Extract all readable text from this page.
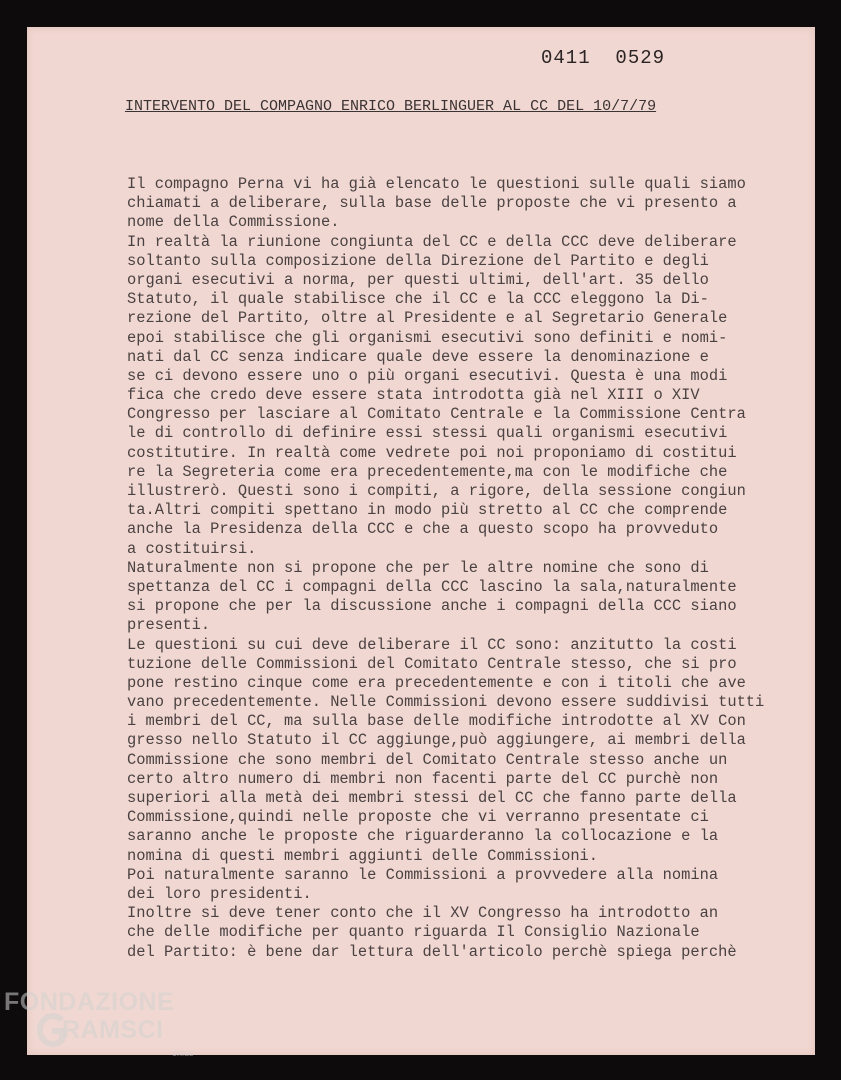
0411  0529
INTERVENTO DEL COMPAGNO ENRICO BERLINGUER AL CC DEL 10/7/79
Il compagno Perna vi ha già elencato le questioni sulle quali siamo
chiamati a deliberare, sulla base delle proposte che vi presento a
nome della Commissione.
In realtà la riunione congiunta del CC e della CCC deve deliberare
soltanto sulla composizione della Direzione del Partito e degli
organi esecutivi a norma, per questi ultimi, dell'art. 35 dello
Statuto, il quale stabilisce che il CC e la CCC eleggono la Di-
rezione del Partito, oltre al Presidente e al Segretario Generale
epoi stabilisce che gli organismi esecutivi sono definiti e nomi-
nati dal CC senza indicare quale deve essere la denominazione e
se ci devono essere uno o più organi esecutivi. Questa è una modi
fica che credo deve essere stata introdotta già nel XIII o XIV
Congresso per lasciare al Comitato Centrale e la Commissione Centra
le di controllo di definire essi stessi quali organismi esecutivi
costitutire. In realtà come vedrete poi noi proponiamo di costitui
re la Segreteria come era precedentemente,ma con le modifiche che
illustrerò. Questi sono i compiti, a rigore, della sessione congiun
ta.Altri compiti spettano in modo più stretto al CC che comprende
anche la Presidenza della CCC e che a questo scopo ha provveduto
a costituirsi.
Naturalmente non si propone che per le altre nomine che sono di
spettanza del CC i compagni della CCC lascino la sala,naturalmente
si propone che per la discussione anche i compagni della CCC siano
presenti.
Le questioni su cui deve deliberare il CC sono: anzitutto la costi
tuzione delle Commissioni del Comitato Centrale stesso, che si pro
pone restino cinque come era precedentemente e con i titoli che ave
vano precedentemente. Nelle Commissioni devono essere suddivisi tutti
i membri del CC, ma sulla base delle modifiche introdotte al XV Con
gresso nello Statuto il CC aggiunge,può aggiungere, ai membri della
Commissione che sono membri del Comitato Centrale stesso anche un
certo altro numero di membri non facenti parte del CC purchè non
superiori alla metà dei membri stessi del CC che fanno parte della
Commissione,quindi nelle proposte che vi verranno presentate ci
saranno anche le proposte che riguarderanno la collocazione e la
nomina di questi membri aggiunti delle Commissioni.
Poi naturalmente saranno le Commissioni a provvedere alla nomina
dei loro presidenti.
Inoltre si deve tener conto che il XV Congresso ha introdotto an
che delle modifiche per quanto riguarda Il Consiglio Nazionale
del Partito: è bene dar lettura dell'articolo perchè spiega perchè
FONDAZIONE
RAMSCI
onlus
